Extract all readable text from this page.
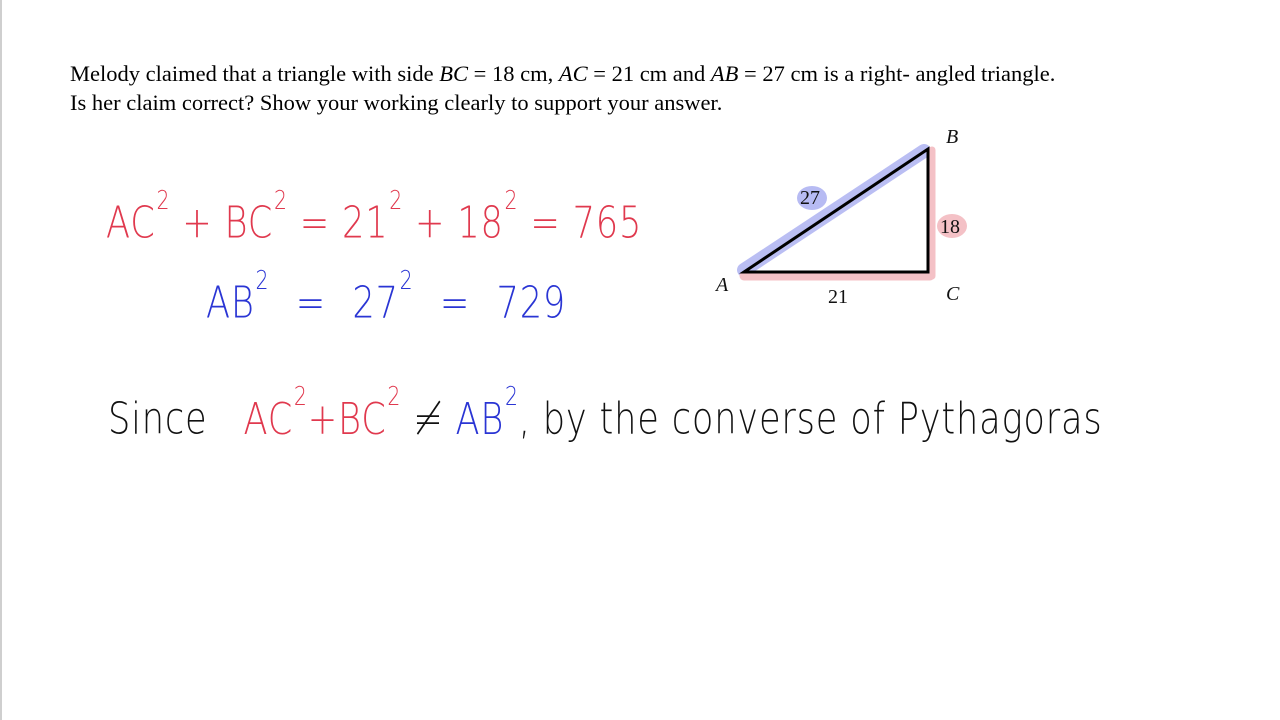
Melody claimed that a triangle with side BC = 18 cm, AC = 21 cm and AB = 27 cm is a right- angled triangle.

Is her claim correct? Show your working clearly to support your answer.

B
A	C
27
18
21
$AC^2 + BC^2 = 21^2 + 18^2 = 765$
$AB^2 = 27^2 = 729$
Since $AC^2+BC^2 \ne AB^2$, by the converse of Pythagoras
